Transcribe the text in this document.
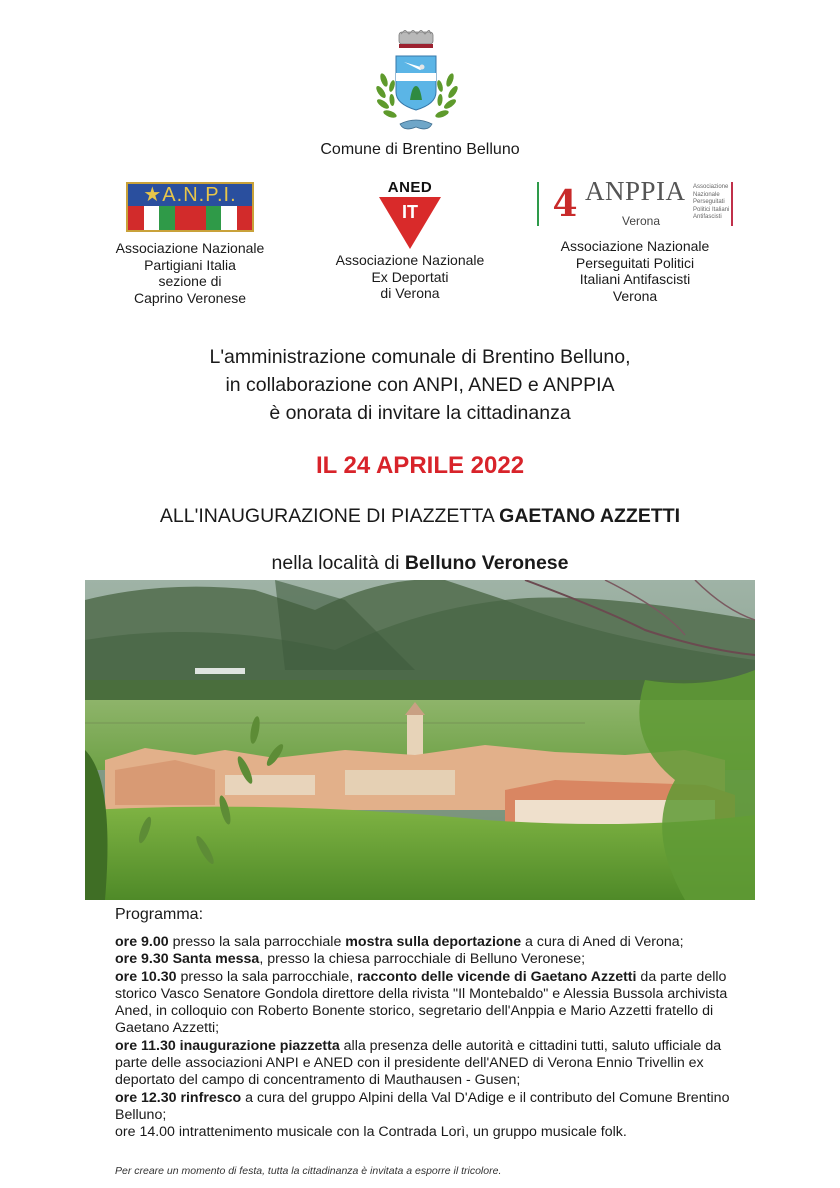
Comune di Brentino Belluno
★A.N.P.I.
Associazione Nazionale
Partigiani Italia
sezione di
Caprino Veronese
ANED
IT
Associazione Nazionale
Ex Deportati
di Verona
4 ANPPIA
Verona
Associazione
Nazionale
Perseguitati
Politici Italiani
Antifascisti
Associazione Nazionale
Perseguitati Politici
Italiani Antifascisti
Verona
L'amministrazione comunale di Brentino Belluno,
in collaborazione con ANPI, ANED e ANPPIA
è onorata di invitare la cittadinanza
IL 24 APRILE 2022
ALL'INAUGURAZIONE DI PIAZZETTA GAETANO AZZETTI
nella località di Belluno Veronese
Programma:

ore 9.00 presso la sala parrocchiale mostra sulla deportazione a cura di Aned di Verona;

ore 9.30 Santa messa, presso la chiesa parrocchiale di Belluno Veronese;

ore 10.30 presso la sala parrocchiale, racconto delle vicende di Gaetano Azzetti da parte dello storico Vasco Senatore Gondola direttore della rivista "Il Montebaldo" e Alessia Bussola archivista Aned, in colloquio con Roberto Bonente storico, segretario dell'Anppia e Mario Azzetti fratello di Gaetano Azzetti;

ore 11.30 inaugurazione piazzetta alla presenza delle autorità e cittadini tutti, saluto ufficiale da parte delle associazioni ANPI e ANED con il presidente dell'ANED di Verona Ennio Trivellin ex deportato del campo di concentramento di Mauthausen - Gusen;

ore 12.30 rinfresco a cura del gruppo Alpini della Val D'Adige e il contributo del Comune Brentino Belluno;

ore 14.00 intrattenimento musicale con la Contrada Lorì, un gruppo musicale folk.

Per creare un momento di festa, tutta la cittadinanza è invitata a esporre il tricolore.
